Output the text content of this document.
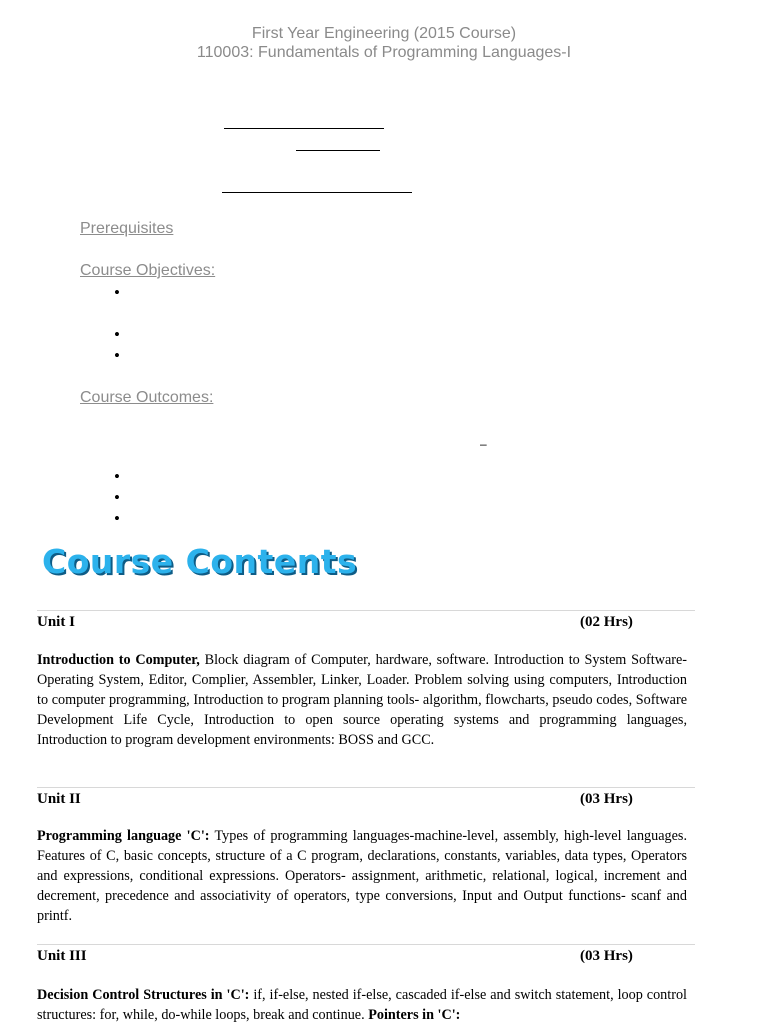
First Year Engineering (2015 Course)
110003: Fundamentals of Programming Languages-I
Prerequisites
Course Objectives:
•
•
•
Course Outcomes:
–
•
•
•
Course Contents
Unit I	(02 Hrs)

Introduction to Computer, Block diagram of Computer, hardware, software. Introduction to System Software- Operating System, Editor, Complier, Assembler, Linker, Loader. Problem solving using computers, Introduction to computer programming, Introduction to program planning tools- algorithm, flowcharts, pseudo codes, Software Development Life Cycle, Introduction to open source operating systems and programming languages, Introduction to program development environments: BOSS and GCC.

Unit II	(03 Hrs)

Programming language 'C': Types of programming languages-machine-level, assembly, high-level languages. Features of C, basic concepts, structure of a C program, declarations, constants, variables, data types, Operators and expressions, conditional expressions. Operators- assignment, arithmetic, relational, logical, increment and decrement, precedence and associativity of operators, type conversions, Input and Output functions- scanf and printf.

Unit III	(03 Hrs)

Decision Control Structures in 'C': if, if-else, nested if-else, cascaded if-else and switch statement, loop control structures: for, while, do-while loops, break and continue. Pointers in 'C':
